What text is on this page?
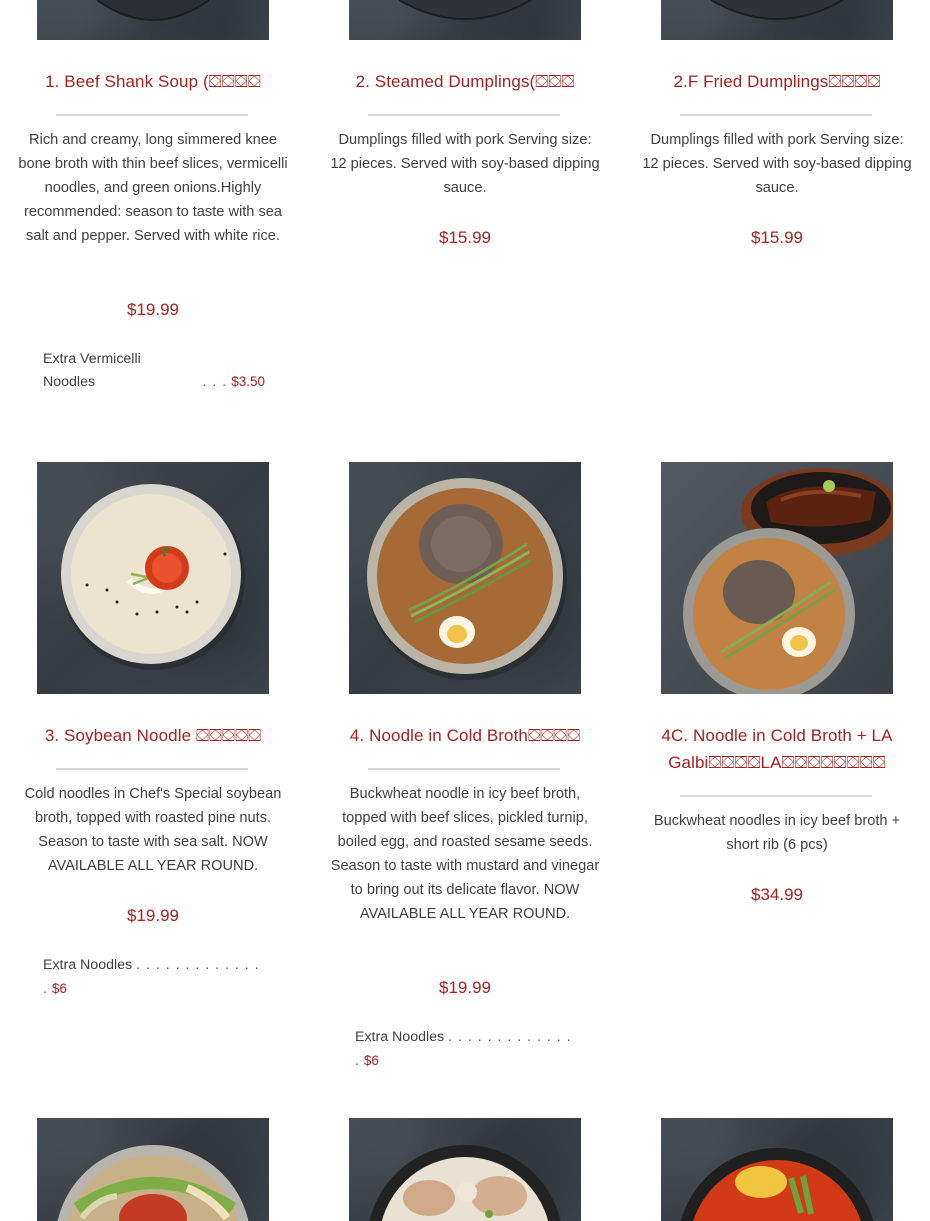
1. Beef Shank Soup (⛋⛋⛋⛋
Rich and creamy, long simmered knee bone broth with thin beef slices, vermicelli noodles, and green onions.Highly recommended: season to taste with sea salt and pepper. Served with white rice.
$19.99
Extra Vermicelli Noodles	. . . $3.50
2. Steamed Dumplings(⛋⛋⛋
Dumplings filled with pork Serving size: 12 pieces. Served with soy-based dipping sauce.
$15.99
2.F Fried Dumplings⛋⛋⛋⛋
Dumplings filled with pork Serving size: 12 pieces. Served with soy-based dipping sauce.
$15.99
3. Soybean Noodle ⛋⛋⛋⛋⛋
Cold noodles in Chef's Special soybean broth, topped with roasted pine nuts. Season to taste with sea salt. NOW AVAILABLE ALL YEAR ROUND.
$19.99
Extra Noodles . . . . . . . . . . . . . . $6
4. Noodle in Cold Broth⛋⛋⛋⛋
Buckwheat noodle in icy beef broth, topped with beef slices, pickled turnip, boiled egg, and roasted sesame seeds. Season to taste with mustard and vinegar to bring out its delicate flavor. NOW AVAILABLE ALL YEAR ROUND.
$19.99
Extra Noodles . . . . . . . . . . . . . . $6
4C. Noodle in Cold Broth + LA Galbi⛋⛋⛋⛋LA⛋⛋⛋⛋⛋⛋⛋⛋
Buckwheat noodles in icy beef broth + short rib (6 pcs)
$34.99
